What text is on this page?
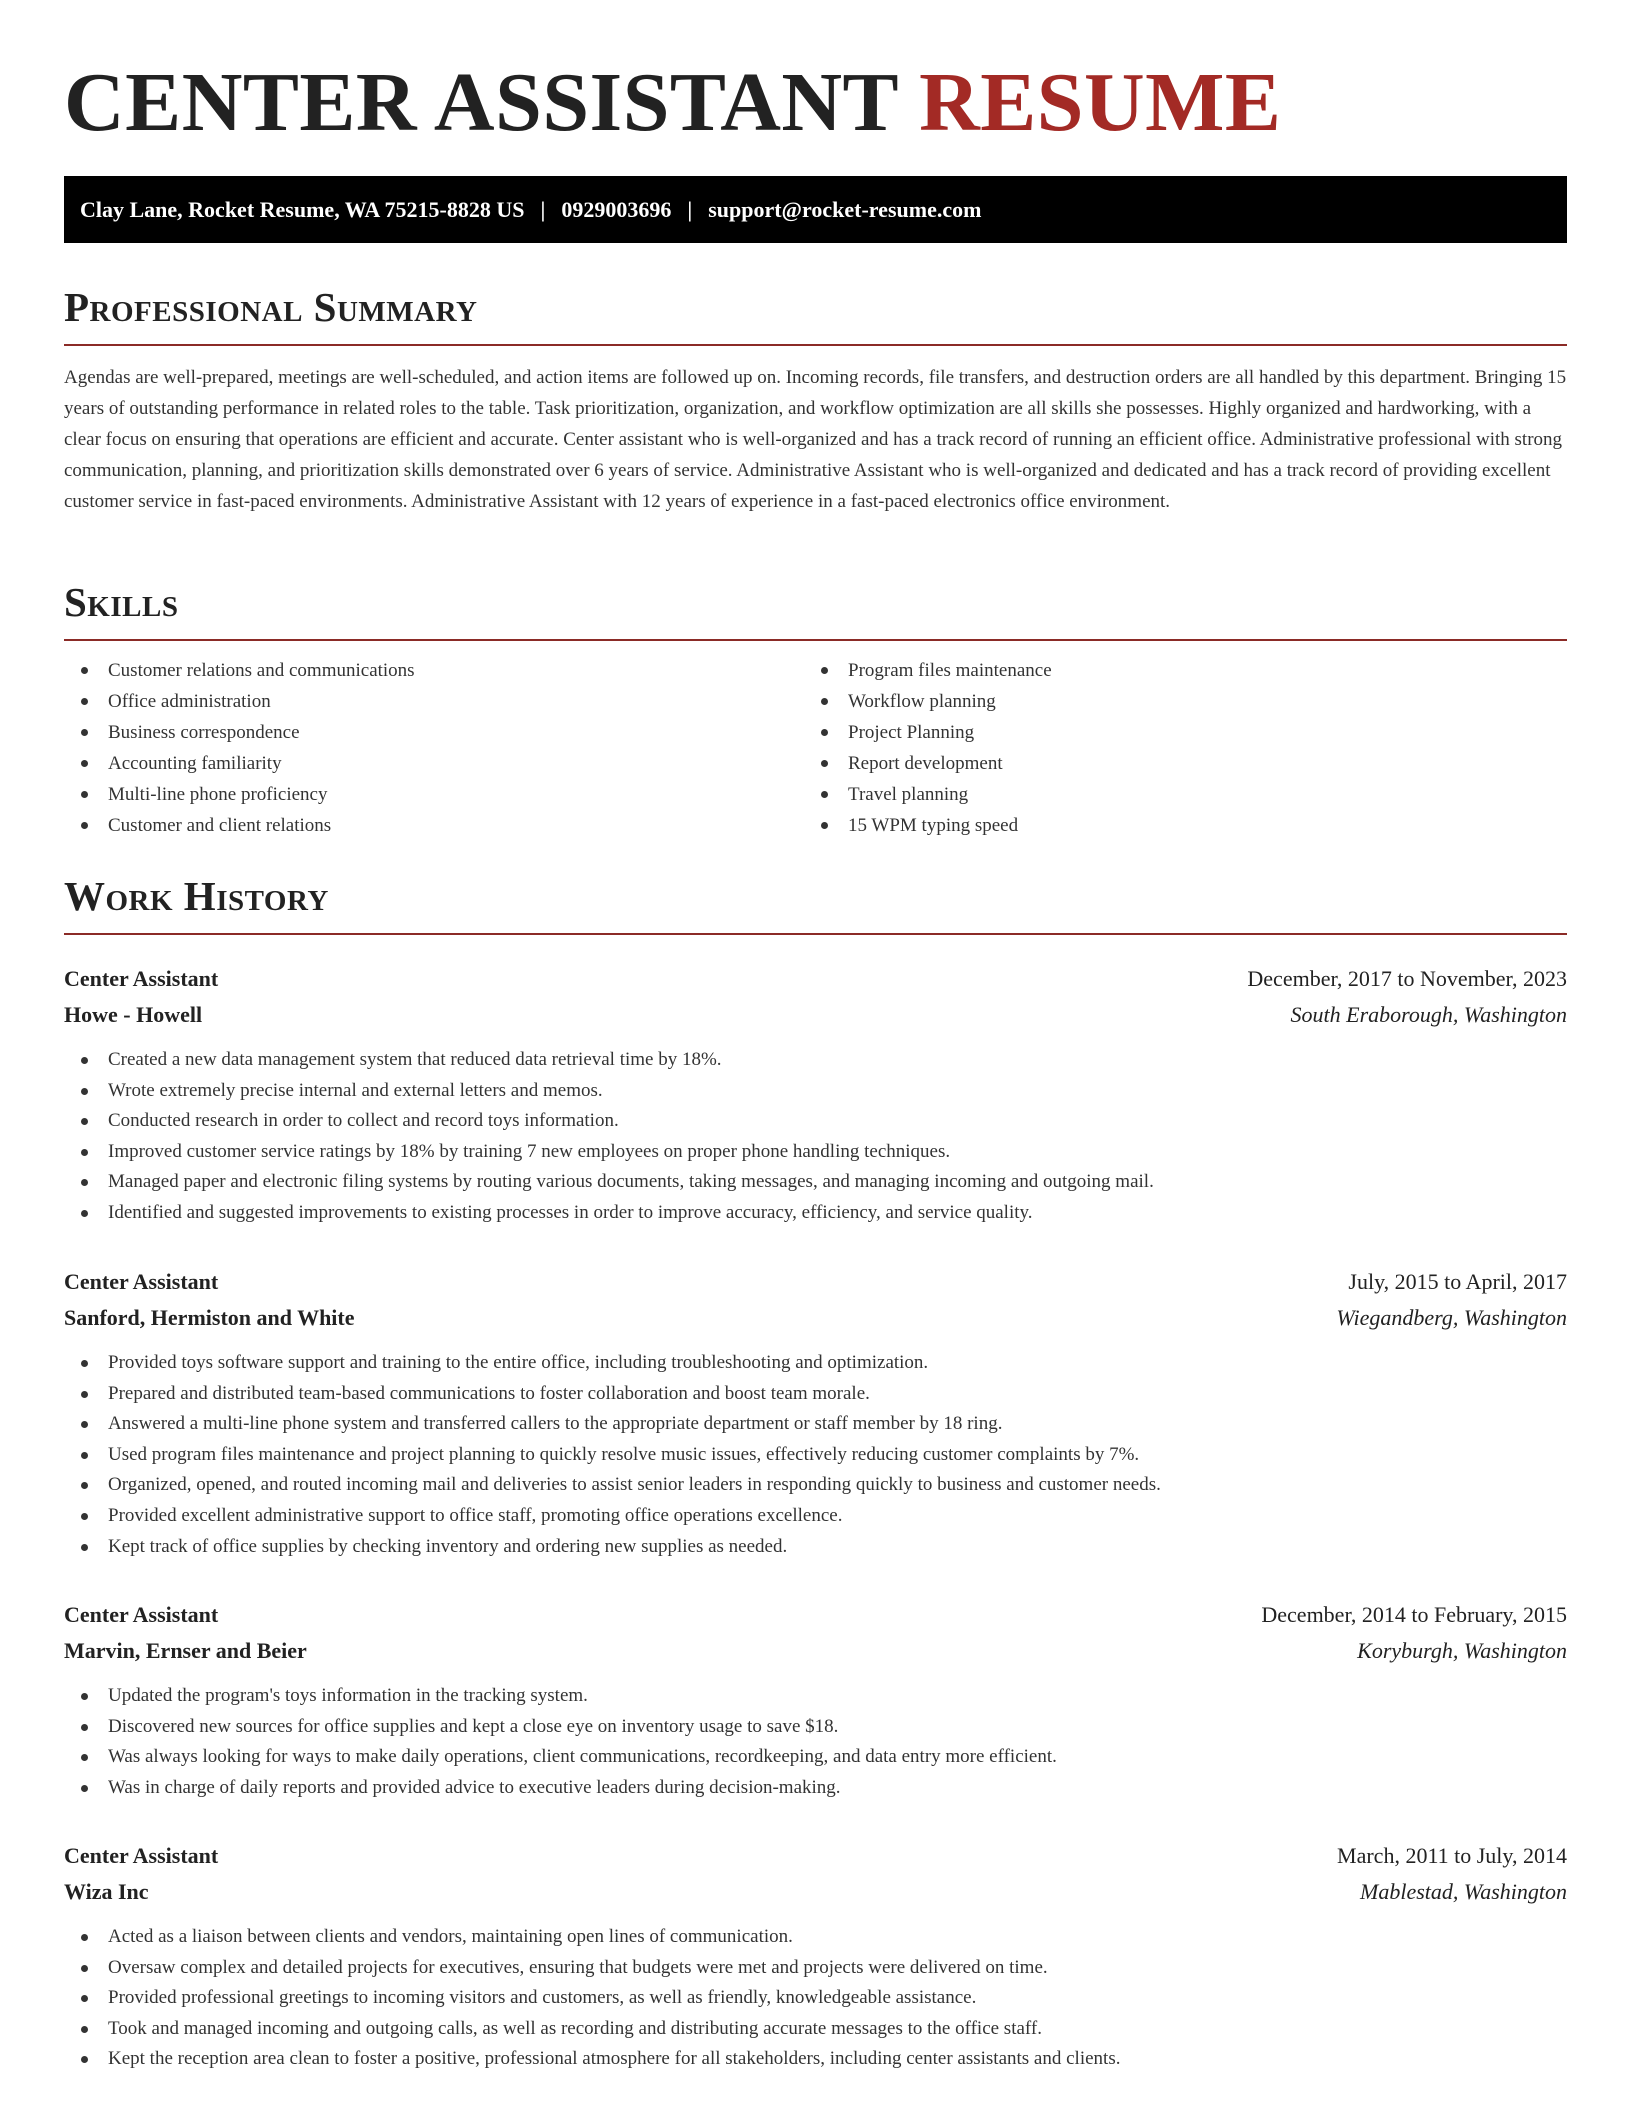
CENTER ASSISTANT RESUME
Clay Lane, Rocket Resume, WA 75215-8828 US | 0929003696 | support@rocket-resume.com
Professional Summary

Agendas are well-prepared, meetings are well-scheduled, and action items are followed up on. Incoming records, file transfers, and destruction orders are all handled by this department. Bringing 15 years of outstanding performance in related roles to the table. Task prioritization, organization, and workflow optimization are all skills she possesses. Highly organized and hardworking, with a clear focus on ensuring that operations are efficient and accurate. Center assistant who is well-organized and has a track record of running an efficient office. Administrative professional with strong communication, planning, and prioritization skills demonstrated over 6 years of service. Administrative Assistant who is well-organized and dedicated and has a track record of providing excellent customer service in fast-paced environments. Administrative Assistant with 12 years of experience in a fast-paced electronics office environment.

Skills
Customer relations and communications
Office administration
Business correspondence
Accounting familiarity
Multi-line phone proficiency
Customer and client relations
Program files maintenance
Workflow planning
Project Planning
Report development
Travel planning
15 WPM typing speed
Work History
Center Assistant	December, 2017 to November, 2023
Howe - Howell	South Eraborough, Washington
Created a new data management system that reduced data retrieval time by 18%.
Wrote extremely precise internal and external letters and memos.
Conducted research in order to collect and record toys information.
Improved customer service ratings by 18% by training 7 new employees on proper phone handling techniques.
Managed paper and electronic filing systems by routing various documents, taking messages, and managing incoming and outgoing mail.
Identified and suggested improvements to existing processes in order to improve accuracy, efficiency, and service quality.
Center Assistant	July, 2015 to April, 2017
Sanford, Hermiston and White	Wiegandberg, Washington
Provided toys software support and training to the entire office, including troubleshooting and optimization.
Prepared and distributed team-based communications to foster collaboration and boost team morale.
Answered a multi-line phone system and transferred callers to the appropriate department or staff member by 18 ring.
Used program files maintenance and project planning to quickly resolve music issues, effectively reducing customer complaints by 7%.
Organized, opened, and routed incoming mail and deliveries to assist senior leaders in responding quickly to business and customer needs.
Provided excellent administrative support to office staff, promoting office operations excellence.
Kept track of office supplies by checking inventory and ordering new supplies as needed.
Center Assistant	December, 2014 to February, 2015
Marvin, Ernser and Beier	Koryburgh, Washington
Updated the program's toys information in the tracking system.
Discovered new sources for office supplies and kept a close eye on inventory usage to save $18.
Was always looking for ways to make daily operations, client communications, recordkeeping, and data entry more efficient.
Was in charge of daily reports and provided advice to executive leaders during decision-making.
Center Assistant	March, 2011 to July, 2014
Wiza Inc	Mablestad, Washington
Acted as a liaison between clients and vendors, maintaining open lines of communication.
Oversaw complex and detailed projects for executives, ensuring that budgets were met and projects were delivered on time.
Provided professional greetings to incoming visitors and customers, as well as friendly, knowledgeable assistance.
Took and managed incoming and outgoing calls, as well as recording and distributing accurate messages to the office staff.
Kept the reception area clean to foster a positive, professional atmosphere for all stakeholders, including center assistants and clients.
